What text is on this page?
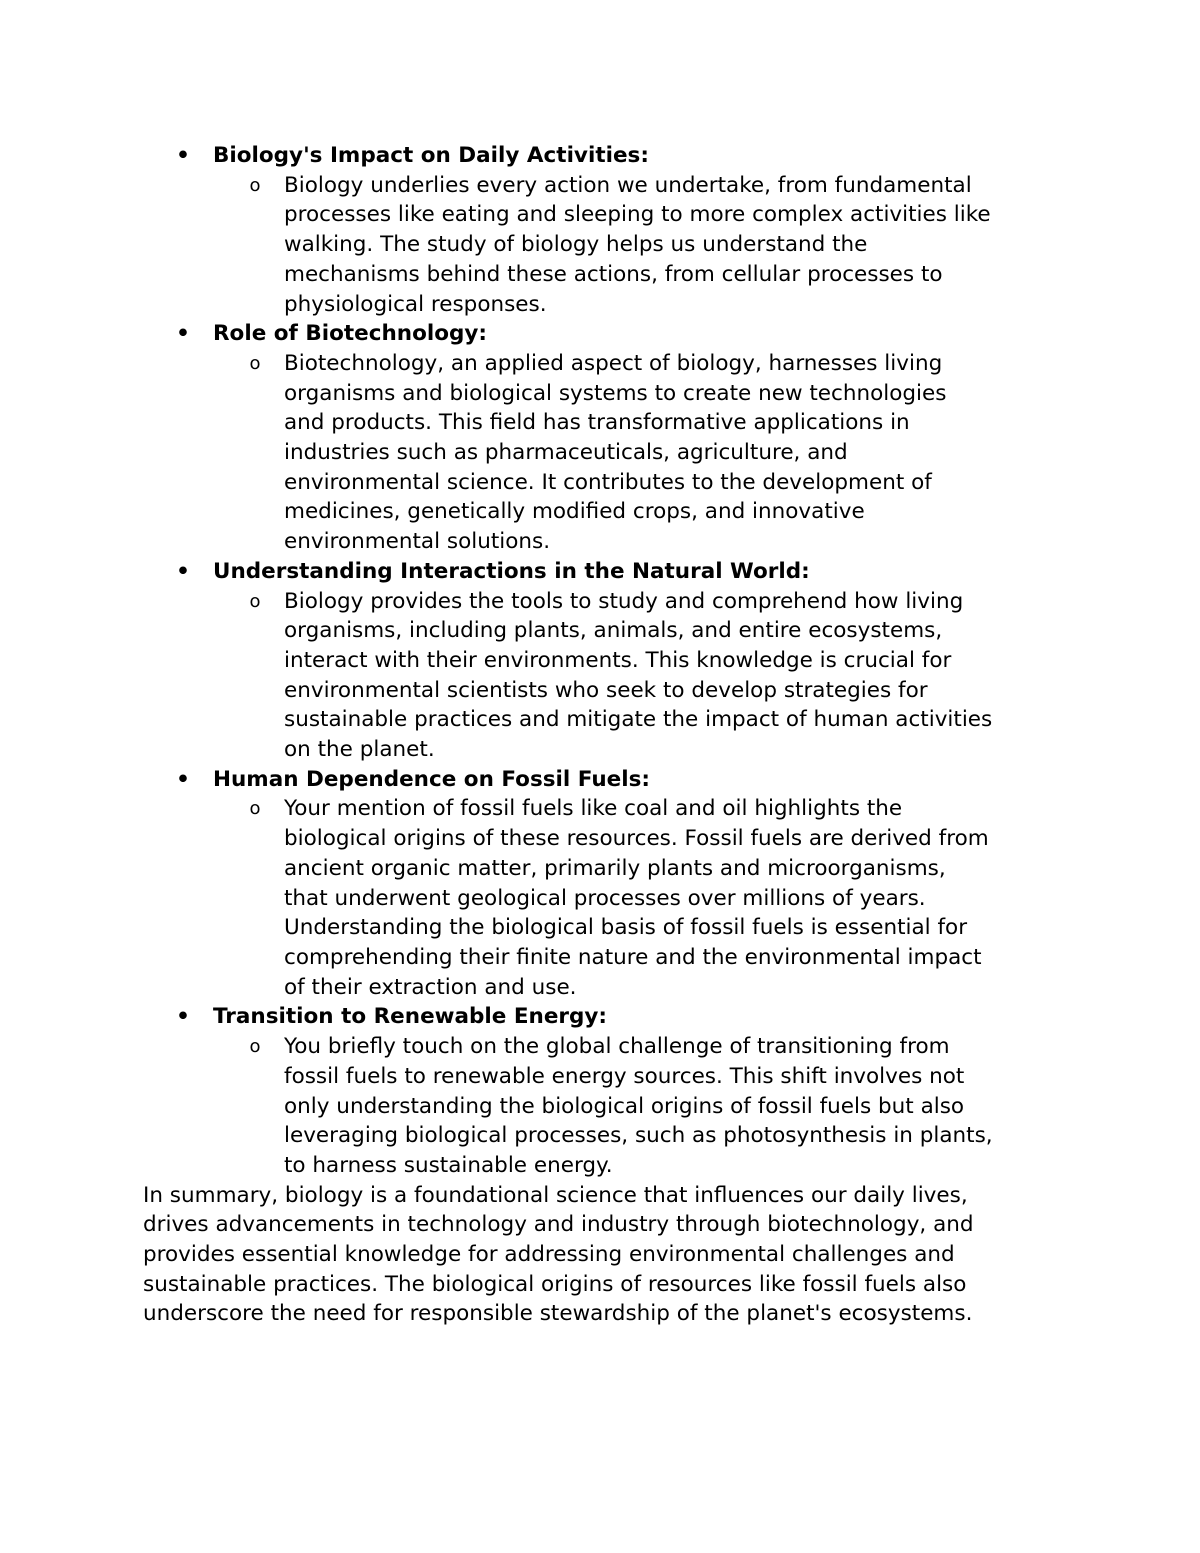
• Biology's Impact on Daily Activities:
o Biology underlies every action we undertake, from fundamental
processes like eating and sleeping to more complex activities like
walking. The study of biology helps us understand the
mechanisms behind these actions, from cellular processes to
physiological responses.
• Role of Biotechnology:
o Biotechnology, an applied aspect of biology, harnesses living
organisms and biological systems to create new technologies
and products. This field has transformative applications in
industries such as pharmaceuticals, agriculture, and
environmental science. It contributes to the development of
medicines, genetically modified crops, and innovative
environmental solutions.
• Understanding Interactions in the Natural World:
o Biology provides the tools to study and comprehend how living
organisms, including plants, animals, and entire ecosystems,
interact with their environments. This knowledge is crucial for
environmental scientists who seek to develop strategies for
sustainable practices and mitigate the impact of human activities
on the planet.
• Human Dependence on Fossil Fuels:
o Your mention of fossil fuels like coal and oil highlights the
biological origins of these resources. Fossil fuels are derived from
ancient organic matter, primarily plants and microorganisms,
that underwent geological processes over millions of years.
Understanding the biological basis of fossil fuels is essential for
comprehending their finite nature and the environmental impact
of their extraction and use.
• Transition to Renewable Energy:
o You briefly touch on the global challenge of transitioning from
fossil fuels to renewable energy sources. This shift involves not
only understanding the biological origins of fossil fuels but also
leveraging biological processes, such as photosynthesis in plants,
to harness sustainable energy.
In summary, biology is a foundational science that influences our daily lives,
drives advancements in technology and industry through biotechnology, and
provides essential knowledge for addressing environmental challenges and
sustainable practices. The biological origins of resources like fossil fuels also
underscore the need for responsible stewardship of the planet's ecosystems.
